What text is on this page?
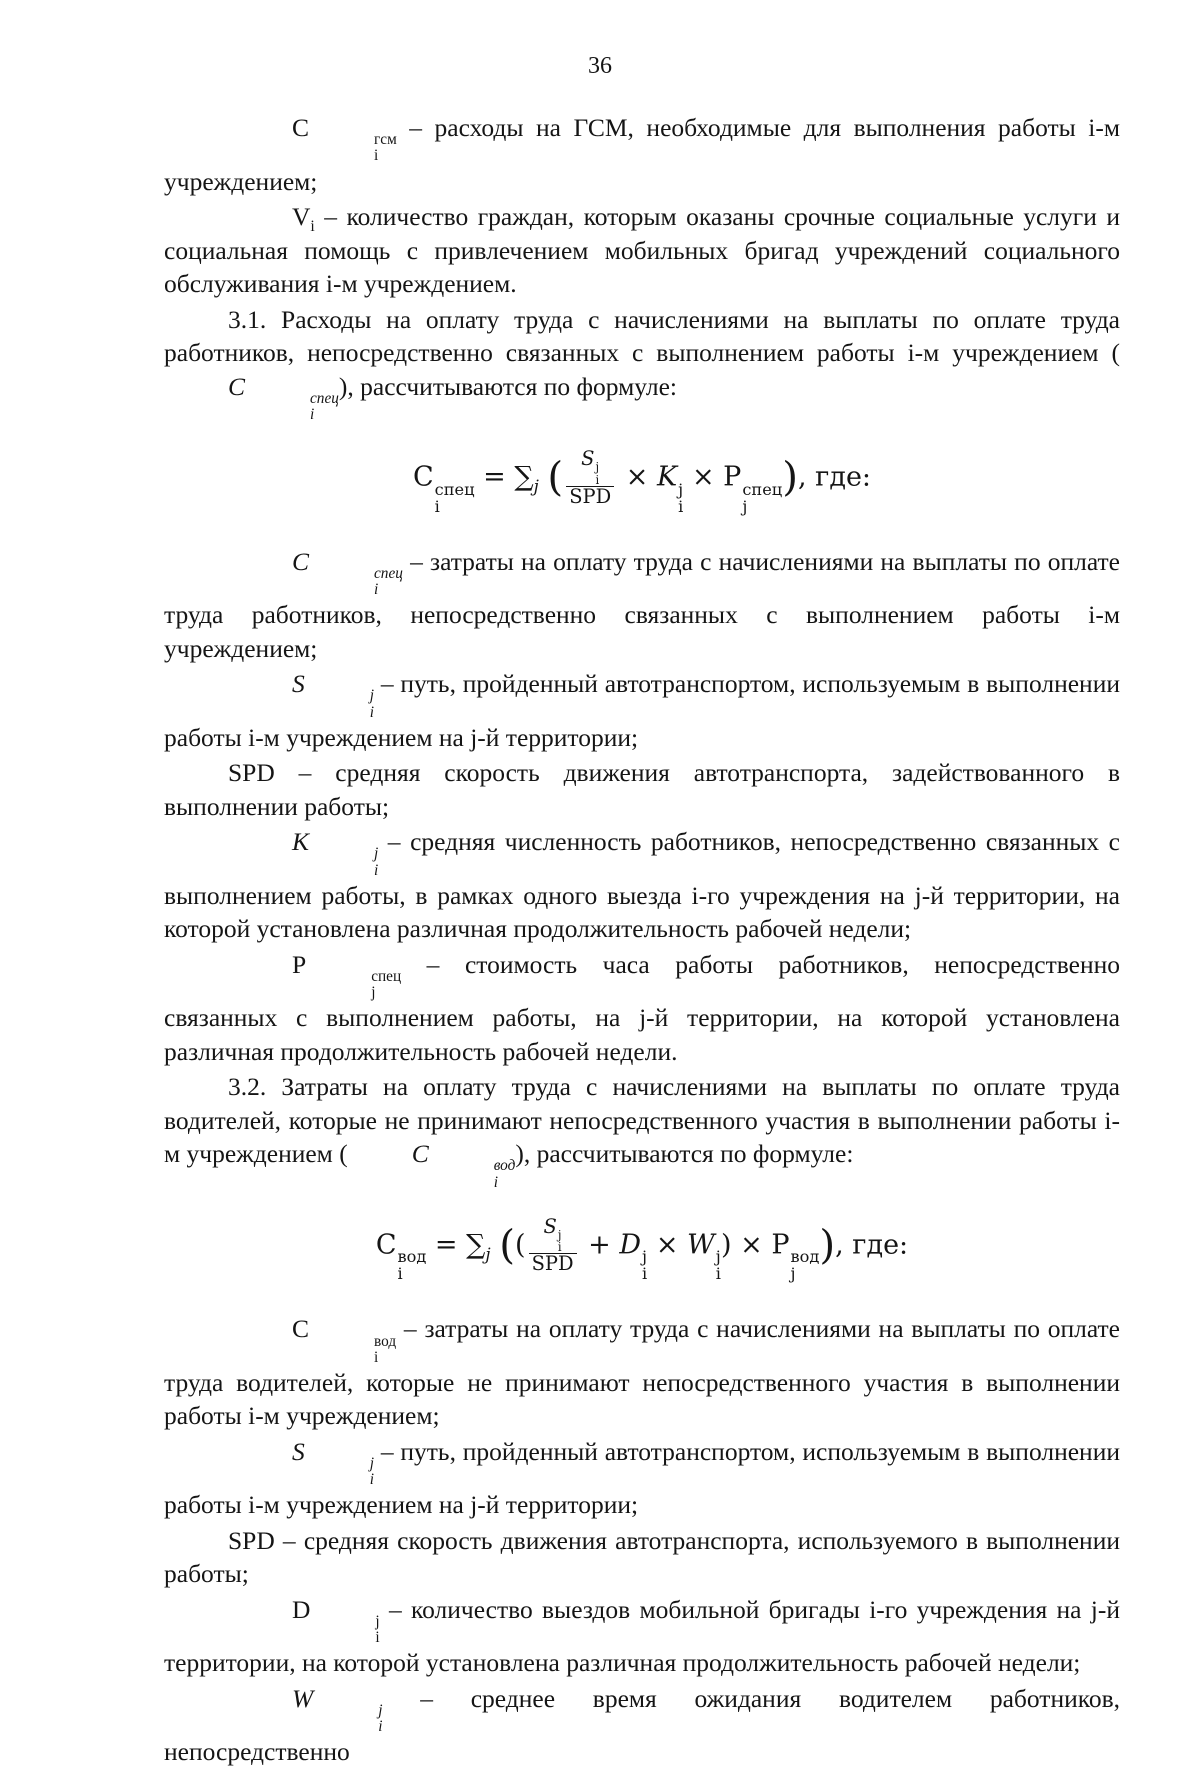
36

C	гсм
i
– расходы на ГСМ, необходимые для выполнения работы i-м учреждением;

$V_i$ – количество граждан, которым оказаны срочные социальные услуги и социальная помощь с привлечением мобильных бригад учреждений социального обслуживания i-м учреждением.

3.1. Расходы на оплату труда с начислениями на выплаты по оплате труда работников, непосредственно связанных с выполнением работы i-м учреждением (C	спец
i
), рассчитываются по формуле:

C спец
i
= $\sum_j$ ( S j
i
SPD × K j
i
× P спец
j
), где:

C	спец
i
– затраты на оплату труда с начислениями на выплаты по оплате труда работников, непосредственно связанных с выполнением работы i-м учреждением;

S	j
i
– путь, пройденный автотранспортом, используемым в выполнении работы i-м учреждением на j-й территории;

SPD – средняя скорость движения автотранспорта, задействованного в выполнении работы;

K	j
i
– средняя численность работников, непосредственно связанных с выполнением работы, в рамках одного выезда i-го учреждения на j-й территории, на которой установлена различная продолжительность рабочей недели;

P	спец
j
– стоимость часа работы работников, непосредственно связанных с выполнением работы, на j-й территории, на которой установлена различная продолжительность рабочей недели.

3.2. Затраты на оплату труда с начислениями на выплаты по оплате труда водителей, которые не принимают непосредственного участия в выполнении работы i-м учреждением (	C	вод
i
), рассчитываются по формуле:

C вод
i
= $\sum_j$ (( S j
i
SPD + D j
i
× W j
i
) × P вод
j
), где:

C	вод
i
– затраты на оплату труда с начислениями на выплаты по оплате труда водителей, которые не принимают непосредственного участия в выполнении работы i-м учреждением;

S	j
i
– путь, пройденный автотранспортом, используемым в выполнении работы i-м учреждением на j-й территории;

SPD – средняя скорость движения автотранспорта, используемого в выполнении работы;

D	j
i
– количество выездов мобильной бригады i-го учреждения на j-й территории, на которой установлена различная продолжительность рабочей недели;

W	j
i
– среднее время ожидания водителем работников, непосредственно
